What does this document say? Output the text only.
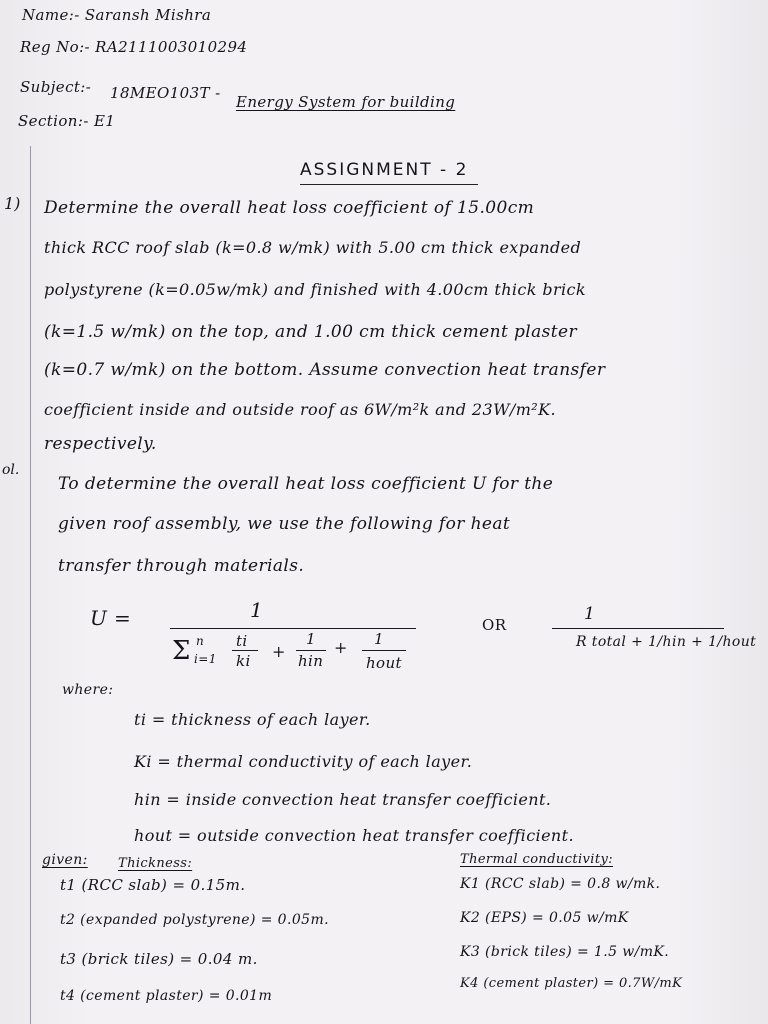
Name:- Saransh Mishra
Reg No:- RA2111003010294
Subject:- 18MEO103T - Energy System for building
Section:- E1
ASSIGNMENT - 2
1) Determine the overall heat loss coefficient of 15.00cm
thick RCC roof slab (k=0.8 w/mk) with 5.00 cm thick expanded
polystyrene (k=0.05w/mk) and finished with 4.00cm thick brick
(k=1.5 w/mk) on the top, and 1.00 cm thick cement plaster
(k=0.7 w/mk) on the bottom. Assume convection heat transfer
coefficient inside and outside roof as 6W/m²k and 23W/m²K.
respectively.
ol.
To determine the overall heat loss coefficient U for the
given roof assembly, we use the following for heat
transfer through materials.
U =	1
Σ n
i=1
ti
ki +
1
hin
+ 1
hout
OR
1
R total + 1/hin + 1/hout
where:
ti = thickness of each layer.
Ki = thermal conductivity of each layer.
hin = inside convection heat transfer coefficient.
hout = outside convection heat transfer coefficient.
given: Thickness:	Thermal conductivity:
t1 (RCC slab) = 0.15m.
t2 (expanded polystyrene) = 0.05m.
t3 (brick tiles) = 0.04 m.
t4 (cement plaster) = 0.01m
K1 (RCC slab) = 0.8 w/mk.
K2 (EPS) = 0.05 w/mK
K3 (brick tiles) = 1.5 w/mK.
K4 (cement plaster) = 0.7W/mK
